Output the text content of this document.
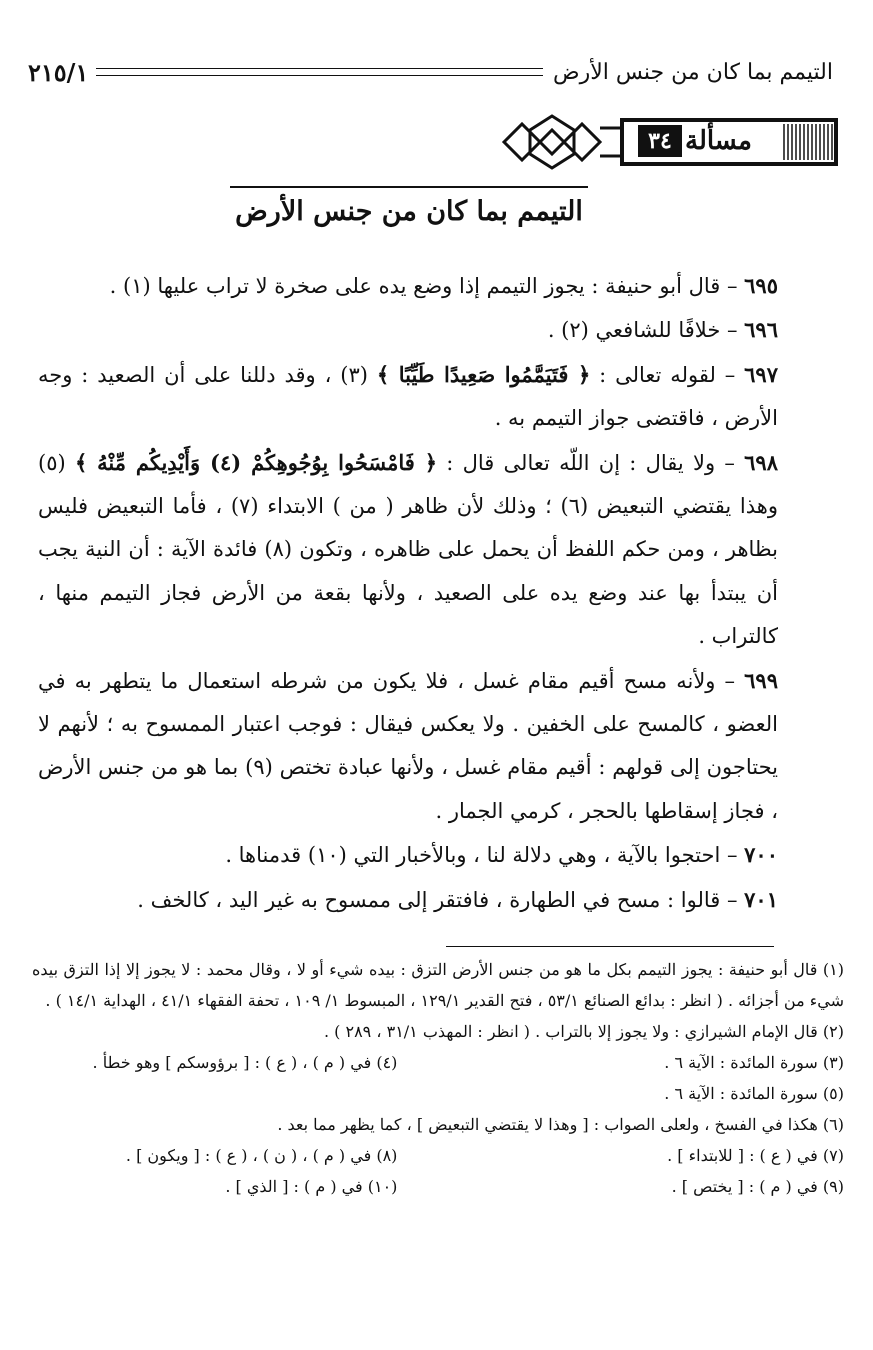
التيمم بما كان من جنس الأرض
٢١٥/١
مسألة
٣٤
التيمم بما كان من جنس الأرض

٦٩٥ – قال أبو حنيفة : يجوز التيمم إذا وضع يده على صخرة لا تراب عليها (١) .

٦٩٦ – خلافًا للشافعي (٢) .

٦٩٧ – لقوله تعالى : ﴿ فَتَيَمَّمُوا صَعِيدًا طَيِّبًا ﴾ (٣) ، وقد دللنا على أن الصعيد : وجه الأرض ، فاقتضى جواز التيمم به .

٦٩٨ – ولا يقال : إن اللّه تعالى قال : ﴿ فَامْسَحُوا بِوُجُوهِكُمْ (٤) وَأَيْدِيكُم مِّنْهُ ﴾ (٥) وهذا يقتضي التبعيض (٦) ؛ وذلك لأن ظاهر ( من ) الابتداء (٧) ، فأما التبعيض فليس بظاهر ، ومن حكم اللفظ أن يحمل على ظاهره ، وتكون (٨) فائدة الآية : أن النية يجب أن يبتدأ بها عند وضع يده على الصعيد ، ولأنها بقعة من الأرض فجاز التيمم منها ، كالتراب .

٦٩٩ – ولأنه مسح أقيم مقام غسل ، فلا يكون من شرطه استعمال ما يتطهر به في العضو ، كالمسح على الخفين . ولا يعكس فيقال : فوجب اعتبار الممسوح به ؛ لأنهم لا يحتاجون إلى قولهم : أقيم مقام غسل ، ولأنها عبادة تختص (٩) بما هو من جنس الأرض ، فجاز إسقاطها بالحجر ، كرمي الجمار .

٧٠٠ – احتجوا بالآية ، وهي دلالة لنا ، وبالأخبار التي (١٠) قدمناها .

٧٠١ – قالوا : مسح في الطهارة ، فافتقر إلى ممسوح به غير اليد ، كالخف .

(١) قال أبو حنيفة : يجوز التيمم بكل ما هو من جنس الأرض التزق : بيده شيء أو لا ، وقال محمد : لا يجوز إلا إذا التزق بيده شيء من أجزائه . ( انظر : بدائع الصنائع ٥٣/١ ، فتح القدير ١٢٩/١ ، المبسوط ١/ ١٠٩ ، تحفة الفقهاء ٤١/١ ، الهداية ١٤/١ ) .

(٢) قال الإمام الشيرازي : ولا يجوز إلا بالتراب . ( انظر : المهذب ٣١/١ ، ٢٨٩ ) .

(٣) سورة المائدة : الآية ٦ .
(٤) في ( م ) ، ( ع ) : [ برؤوسكم ] وهو خطأ .

(٥) سورة المائدة : الآية ٦ .

(٦) هكذا في الفسخ ، ولعلى الصواب : [ وهذا لا يقتضي التبعيض ] ، كما يظهر مما بعد .

(٧) في ( ع ) : [ للابتداء ] .
(٨) في ( م ) ، ( ن ) ، ( ع ) : [ ويكون ] .
(٩) في ( م ) : [ يختص ] .
(١٠) في ( م ) : [ الذي ] .
